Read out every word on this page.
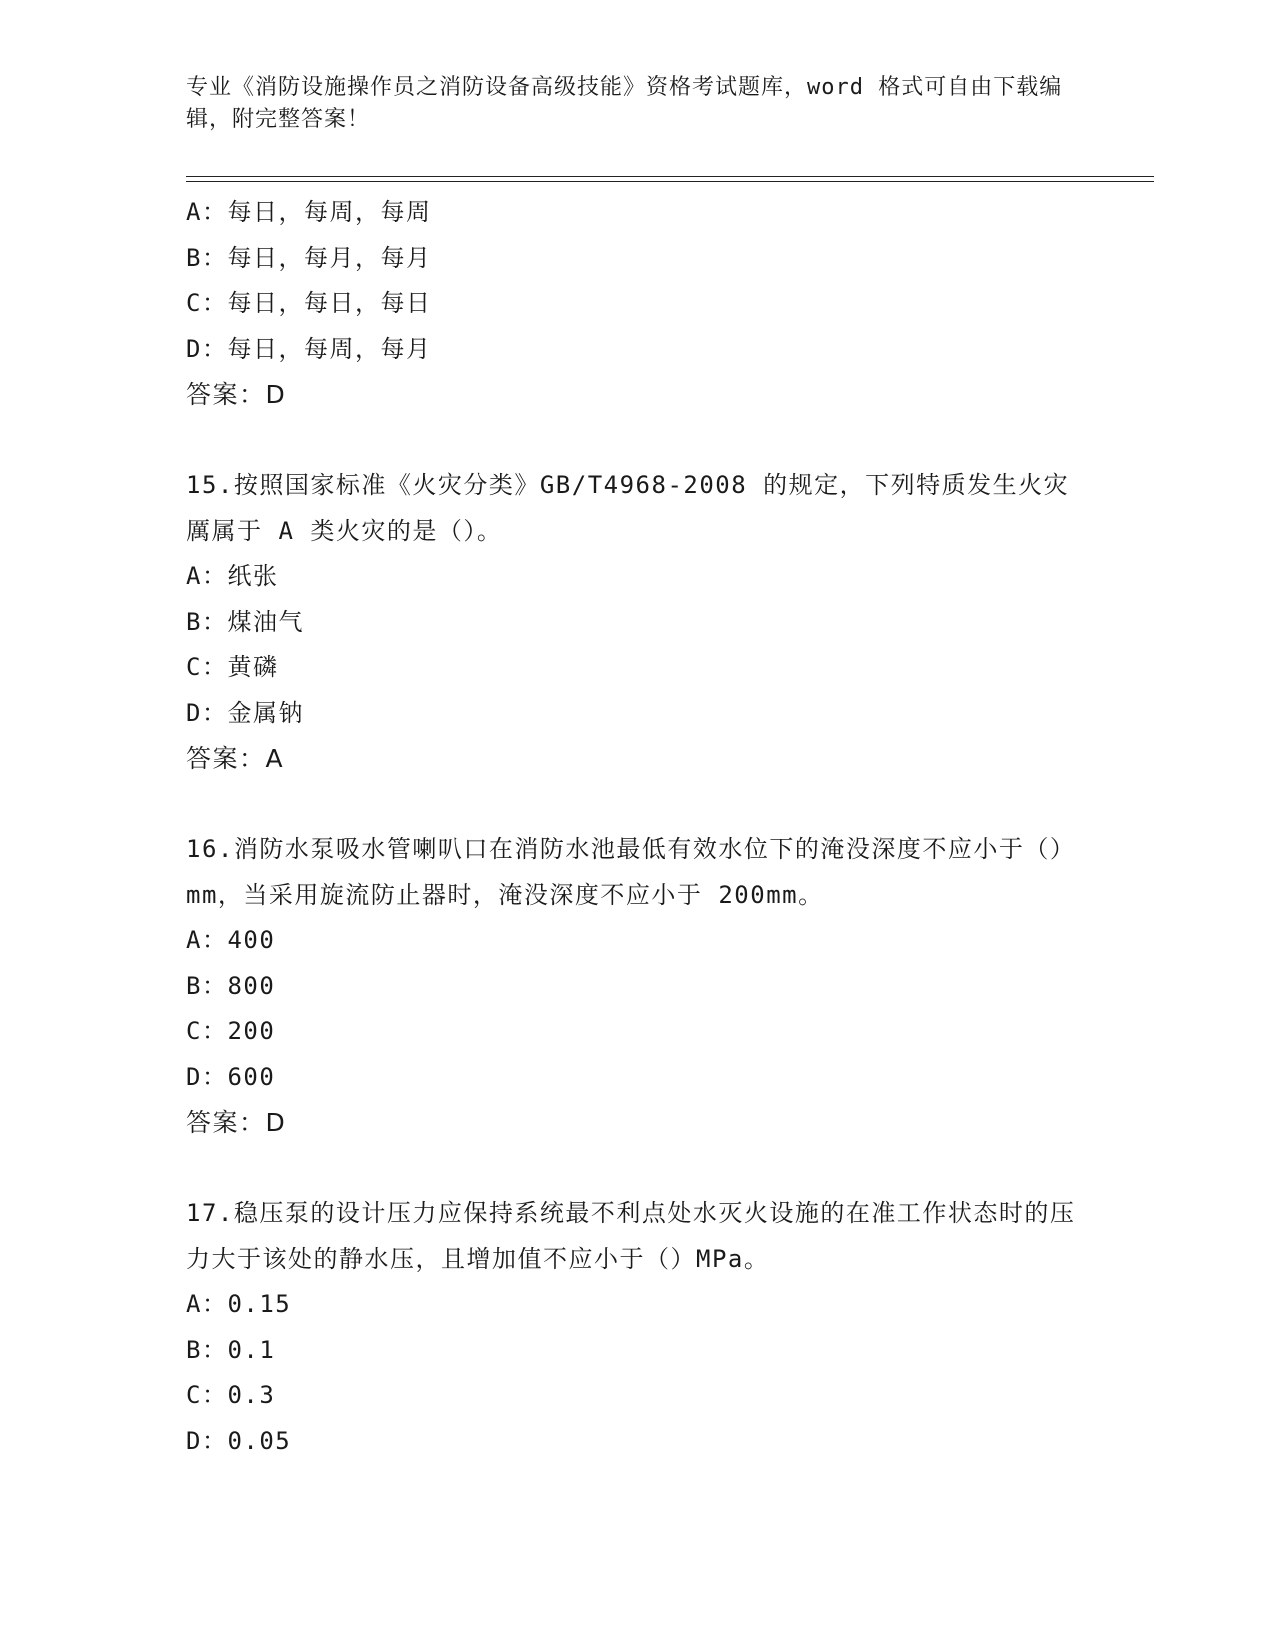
专业《消防设施操作员之消防设备高级技能》资格考试题库，word 格式可自由下载编辑，附完整答案！
A：每日，每周，每周
B：每日，每月，每月
C：每日，每日，每日
D：每日，每周，每月
答案：D
15.按照国家标准《火灾分类》GB/T4968-2008 的规定，下列特质发生火灾厲属于 A 类火灾的是（）。
A：纸张
B：煤油气
C：黄磷
D：金属钠
答案：A
16.消防水泵吸水管喇叭口在消防水池最低有效水位下的淹没深度不应小于（）mm，当采用旋流防止器时，淹没深度不应小于 200mm。
A：400
B：800
C：200
D：600
答案：D
17.稳压泵的设计压力应保持系统最不利点处水灭火设施的在准工作状态时的压力大于该处的静水压，且增加值不应小于（）MPa。
A：0.15
B：0.1
C：0.3
D：0.05
